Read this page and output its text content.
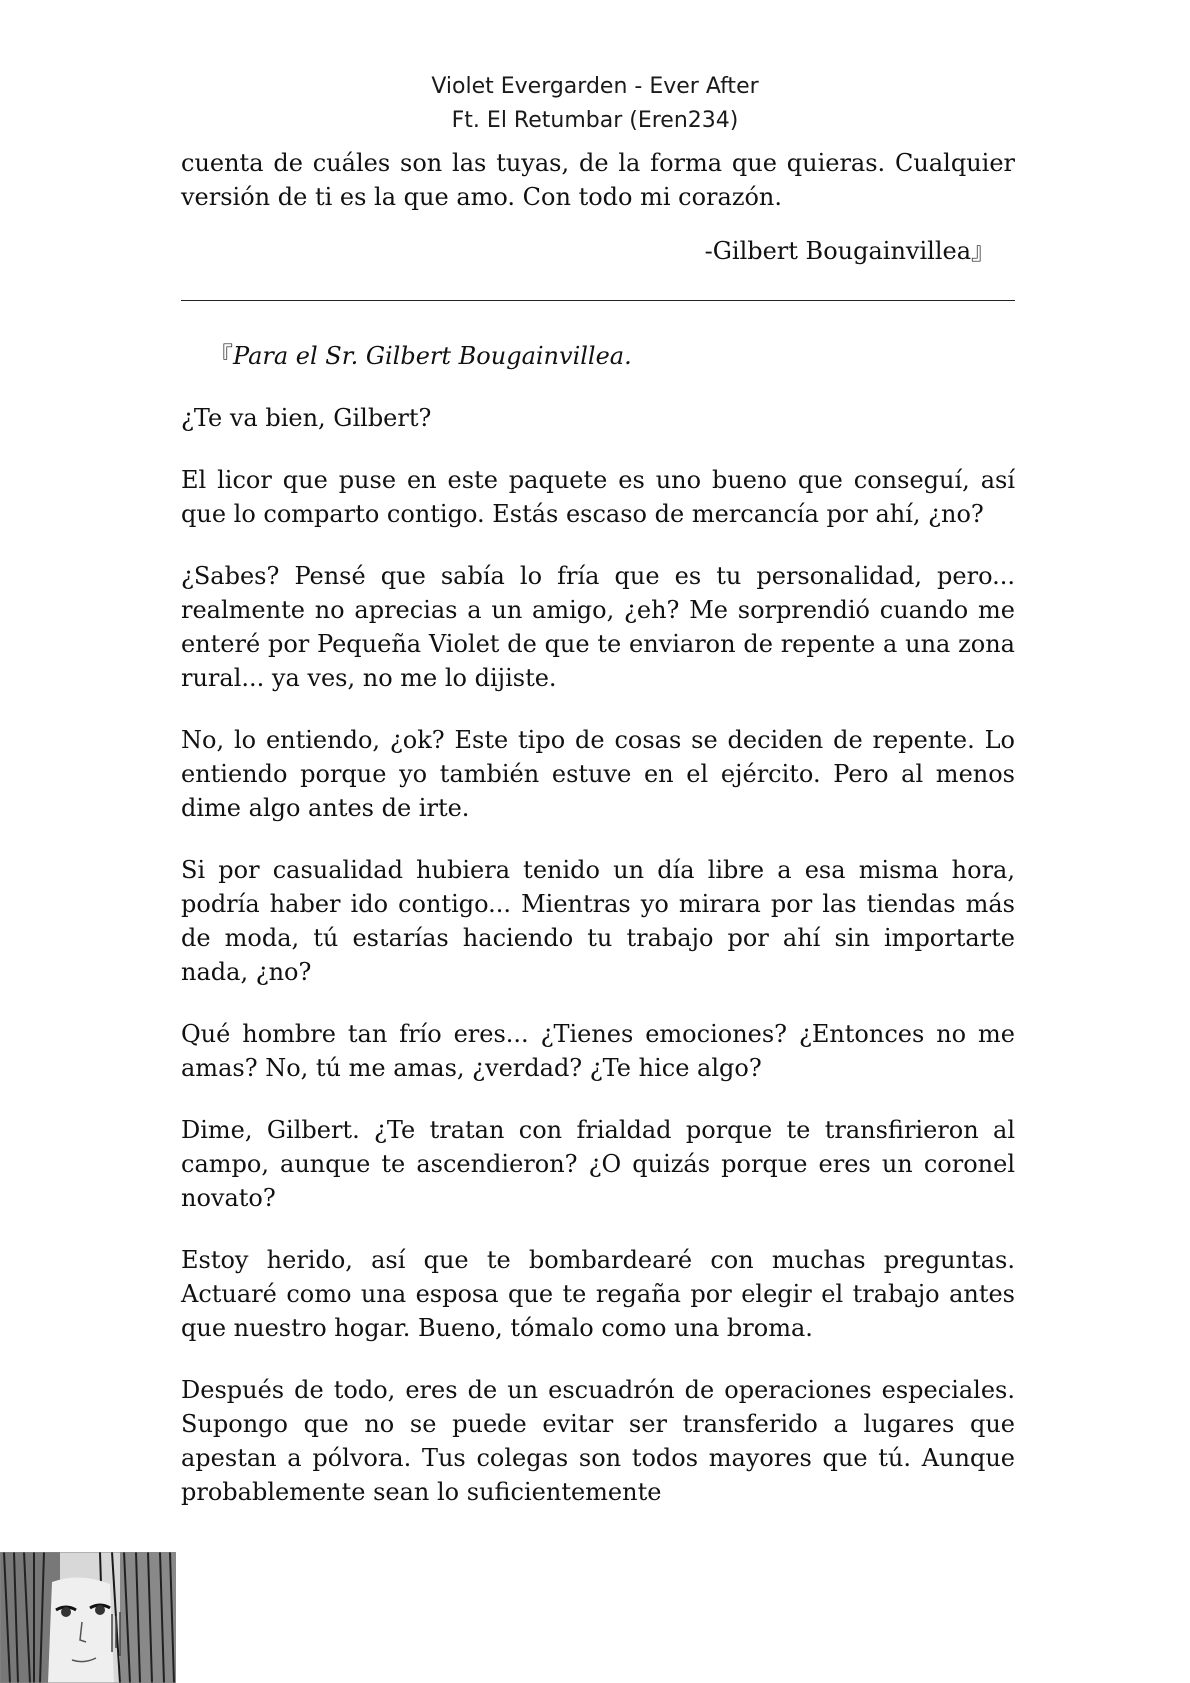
Violet Evergarden - Ever After
Ft. El Retumbar (Eren234)

cuenta de cuáles son las tuyas, de la forma que quieras. Cualquier versión de ti es la que amo. Con todo mi corazón.

-Gilbert Bougainvillea』

『Para el Sr. Gilbert Bougainvillea.

¿Te va bien, Gilbert?

El licor que puse en este paquete es uno bueno que conseguí, así que lo comparto contigo. Estás escaso de mercancía por ahí, ¿no?

¿Sabes? Pensé que sabía lo fría que es tu personalidad, pero... realmente no aprecias a un amigo, ¿eh? Me sorprendió cuando me enteré por Pequeña Violet de que te enviaron de repente a una zona rural... ya ves, no me lo dijiste.

No, lo entiendo, ¿ok? Este tipo de cosas se deciden de repente. Lo entiendo porque yo también estuve en el ejército. Pero al menos dime algo antes de irte.

Si por casualidad hubiera tenido un día libre a esa misma hora, podría haber ido contigo... Mientras yo mirara por las tiendas más de moda, tú estarías haciendo tu trabajo por ahí sin importarte nada, ¿no?

Qué hombre tan frío eres... ¿Tienes emociones? ¿Entonces no me amas? No, tú me amas, ¿verdad? ¿Te hice algo?

Dime, Gilbert. ¿Te tratan con frialdad porque te transfirieron al campo, aunque te ascendieron? ¿O quizás porque eres un coronel novato?

Estoy herido, así que te bombardearé con muchas preguntas. Actuaré como una esposa que te regaña por elegir el trabajo antes que nuestro hogar. Bueno, tómalo como una broma.

Después de todo, eres de un escuadrón de operaciones especiales. Supongo que no se puede evitar ser transferido a lugares que apestan a pólvora. Tus colegas son todos mayores que tú. Aunque probablemente sean lo suficientemente
